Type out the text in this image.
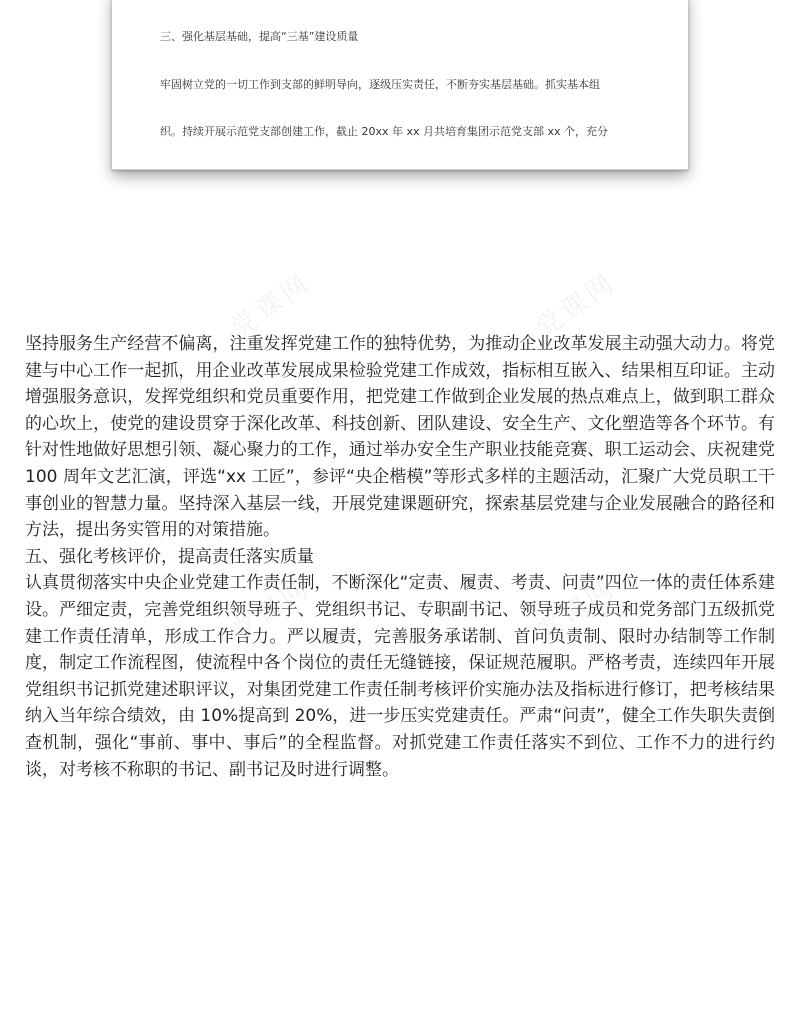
党课网	党课网
党课网	党课网

三、强化基层基础，提高“三基”建设质量

牢固树立党的一切工作到支部的鲜明导向，逐级压实责任，不断夯实基层基础。抓实基本组

织。持续开展示范党支部创建工作，截止 20xx 年 xx 月共培育集团示范党支部 xx 个，充分

坚持服务生产经营不偏离，注重发挥党建工作的独特优势，为推动企业改革发展主动强大动力。将党建与中心工作一起抓，用企业改革发展成果检验党建工作成效，指标相互嵌入、结果相互印证。主动增强服务意识，发挥党组织和党员重要作用，把党建工作做到企业发展的热点难点上，做到职工群众的心坎上，使党的建设贯穿于深化改革、科技创新、团队建设、安全生产、文化塑造等各个环节。有针对性地做好思想引领、凝心聚力的工作，通过举办安全生产职业技能竞赛、职工运动会、庆祝建党 100 周年文艺汇演，评选“xx 工匠”，参评“央企楷模”等形式多样的主题活动，汇聚广大党员职工干事创业的智慧力量。坚持深入基层一线，开展党建课题研究，探索基层党建与企业发展融合的路径和方法，提出务实管用的对策措施。

五、强化考核评价，提高责任落实质量

认真贯彻落实中央企业党建工作责任制，不断深化“定责、履责、考责、问责”四位一体的责任体系建设。严细定责，完善党组织领导班子、党组织书记、专职副书记、领导班子成员和党务部门五级抓党建工作责任清单，形成工作合力。严以履责，完善服务承诺制、首问负责制、限时办结制等工作制度，制定工作流程图，使流程中各个岗位的责任无缝链接，保证规范履职。严格考责，连续四年开展党组织书记抓党建述职评议，对集团党建工作责任制考核评价实施办法及指标进行修订，把考核结果纳入当年综合绩效，由 10%提高到 20%，进一步压实党建责任。严肃“问责”，健全工作失职失责倒查机制，强化“事前、事中、事后”的全程监督。对抓党建工作责任落实不到位、工作不力的进行约谈，对考核不称职的书记、副书记及时进行调整。
